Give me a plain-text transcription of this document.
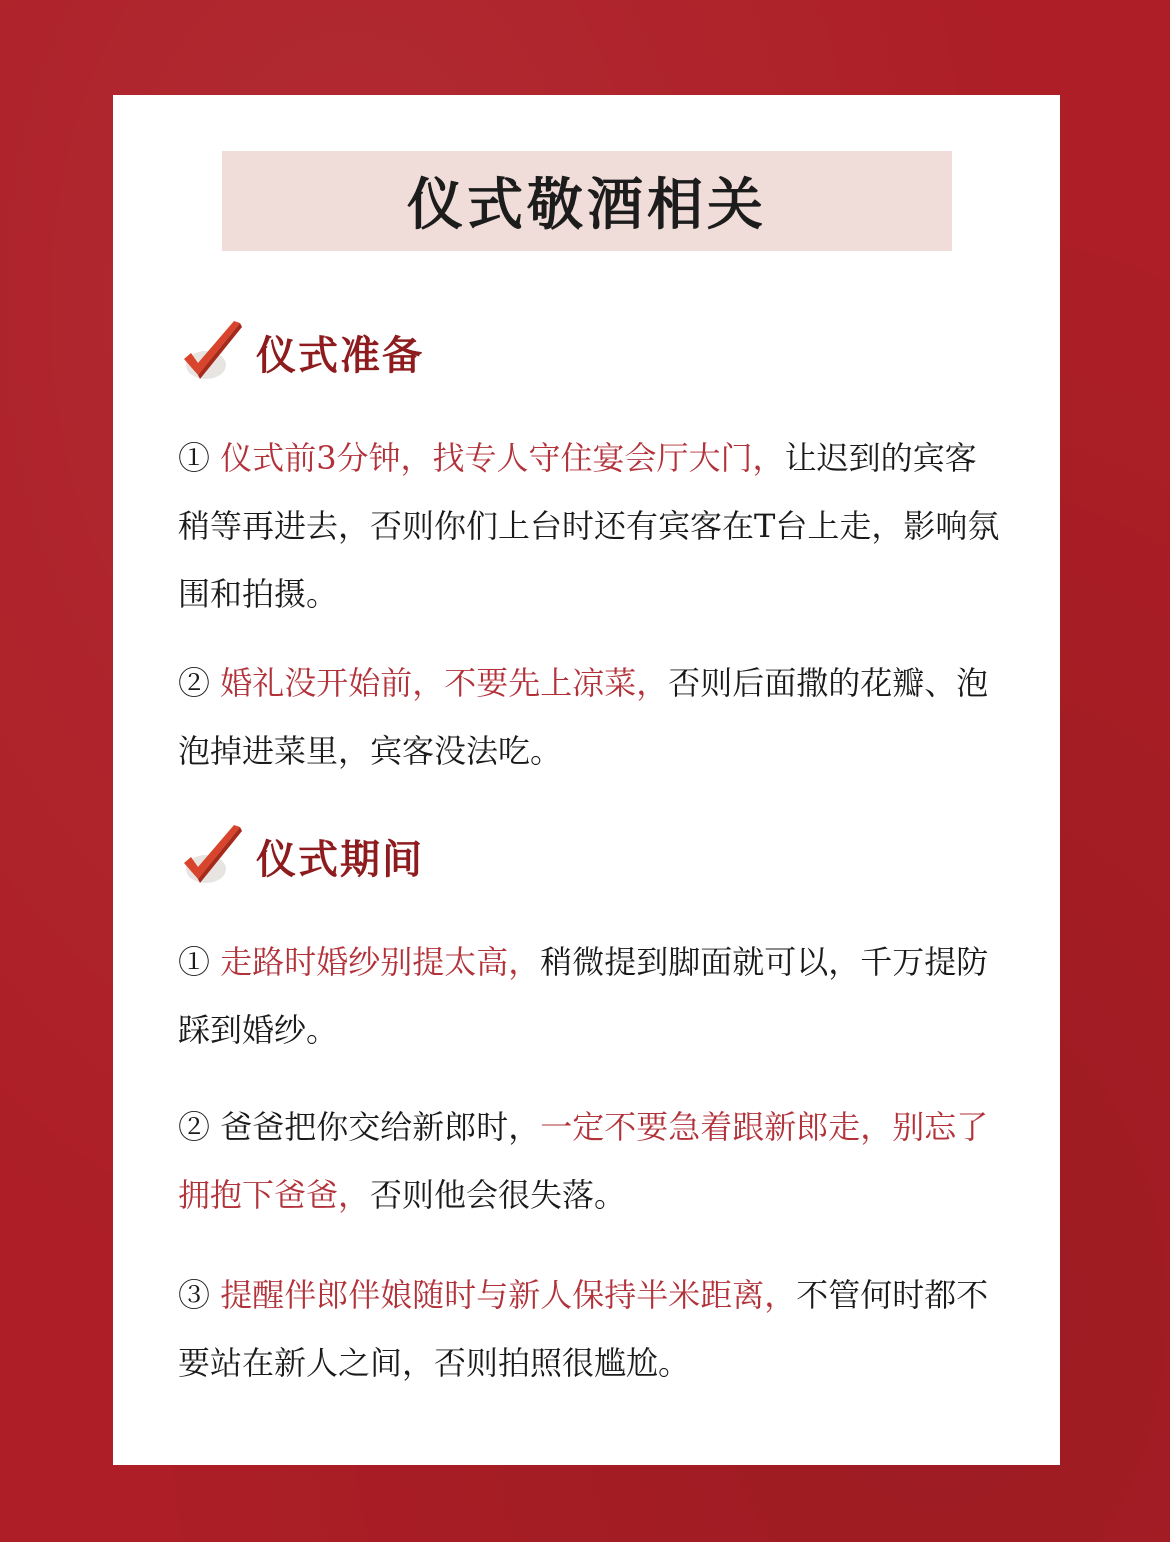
仪式敬酒相关
仪式准备

① 仪式前3分钟，找专人守住宴会厅大门，让迟到的宾客稍等再进去，否则你们上台时还有宾客在T台上走，影响氛围和拍摄。

② 婚礼没开始前，不要先上凉菜，否则后面撒的花瓣、泡泡掉进菜里，宾客没法吃。

仪式期间

① 走路时婚纱别提太高，稍微提到脚面就可以，千万提防踩到婚纱。

② 爸爸把你交给新郎时，一定不要急着跟新郎走，别忘了拥抱下爸爸，否则他会很失落。

③ 提醒伴郎伴娘随时与新人保持半米距离，不管何时都不要站在新人之间，否则拍照很尴尬。
